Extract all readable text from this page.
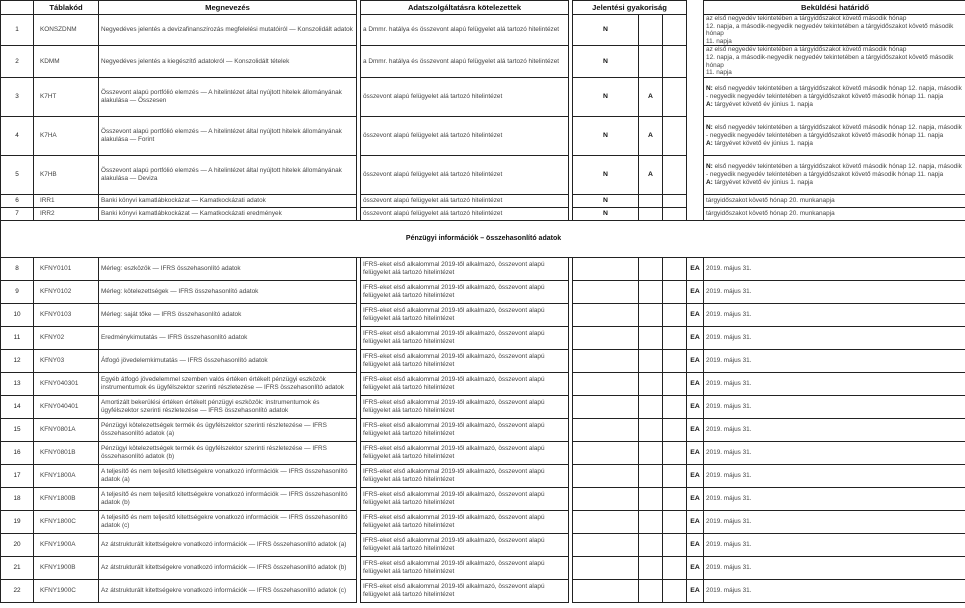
	Táblakód	Megnevezés		Adatszolgáltatásra kötelezettek		Jelentési gyakoriság				Beküldési határidő
1	KONSZDNM	Negyedéves jelentés a devizafinanszírozás megfelelési mutatóiról — Konszolidált adatok		a Dmmr. hatálya és összevont alapú felügyelet alá tartozó hitelintézet		N				az első negyedév tekintetében a tárgyidőszakot követő második hónap
12. napja, a második-negyedik negyedév tekintetében a tárgyidőszakot követő második hónap
11. napja

2	KDMM	Negyedéves jelentés a kiegészítő adatokról — Konszolidált tételek		a Dmmr. hatálya és összevont alapú felügyelet alá tartozó hitelintézet		N				az első negyedév tekintetében a tárgyidőszakot követő második hónap
12. napja, a második-negyedik negyedév tekintetében a tárgyidőszakot követő második hónap
11. napja

3	K7HT	Összevont alapú portfólió elemzés — A hitelintézet által nyújtott hitelek állományának alakulása — Összesen		összevont alapú felügyelet alá tartozó hitelintézet		N	A			N: első negyedév tekintetében a tárgyidőszakot követő második hónap 12. napja, második - negyedik negyedév tekintetében a tárgyidőszakot követő második hónap 11. napja
A: tárgyévet követő év június 1. napja

4	K7HA	Összevont alapú portfólió elemzés — A hitelintézet által nyújtott hitelek állományának alakulása — Forint		összevont alapú felügyelet alá tartozó hitelintézet		N	A			N: első negyedév tekintetében a tárgyidőszakot követő második hónap 12. napja, második - negyedik negyedév tekintetében a tárgyidőszakot követő második hónap 11. napja
A: tárgyévet követő év június 1. napja

5	K7HB	Összevont alapú portfólió elemzés — A hitelintézet által nyújtott hitelek állományának alakulása — Deviza		összevont alapú felügyelet alá tartozó hitelintézet		N	A			N: első negyedév tekintetében a tárgyidőszakot követő második hónap 12. napja, második - negyedik negyedév tekintetében a tárgyidőszakot követő második hónap 11. napja
A: tárgyévet követő év június 1. napja

6	IRR1	Banki könyvi kamatlábkockázat — Kamatkockázati adatok		összevont alapú felügyelet alá tartozó hitelintézet		N				tárgyidőszakot követő hónap 20. munkanapja

7	IRR2	Banki könyvi kamatlábkockázat — Kamatkockázati eredmények		összevont alapú felügyelet alá tartozó hitelintézet		N				tárgyidőszakot követő hónap 20. munkanapja

Pénzügyi információk – összehasonlító adatok										
8	KFNY0101	Mérleg: eszközök — IFRS összehasonlító adatok		IFRS-eket első alkalommal 2019-től alkalmazó, összevont alapú felügyelet alá tartozó hitelintézet					EA	2019. május 31.
9	KFNY0102	Mérleg: kötelezettségek — IFRS összehasonlító adatok		IFRS-eket első alkalommal 2019-től alkalmazó, összevont alapú felügyelet alá tartozó hitelintézet					EA	2019. május 31.
10	KFNY0103	Mérleg: saját tőke — IFRS összehasonlító adatok		IFRS-eket első alkalommal 2019-től alkalmazó, összevont alapú felügyelet alá tartozó hitelintézet					EA	2019. május 31.
11	KFNY02	Eredménykimutatás — IFRS összehasonlító adatok		IFRS-eket első alkalommal 2019-től alkalmazó, összevont alapú felügyelet alá tartozó hitelintézet					EA	2019. május 31.
12	KFNY03	Átfogó jövedelemkimutatás — IFRS összehasonlító adatok		IFRS-eket első alkalommal 2019-től alkalmazó, összevont alapú felügyelet alá tartozó hitelintézet					EA	2019. május 31.
13	KFNY040301	Egyéb átfogó jövedelemmel szemben valós értéken értékelt pénzügyi eszközök instrumentumok és ügyfélszektor szerinti részletezése — IFRS összehasonlító adatok		IFRS-eket első alkalommal 2019-től alkalmazó, összevont alapú felügyelet alá tartozó hitelintézet					EA	2019. május 31.
14	KFNY040401	Amortizált bekerülési értéken értékelt pénzügyi eszközök: instrumentumok és ügyfélszektor szerinti részletezése — IFRS összehasonlító adatok		IFRS-eket első alkalommal 2019-től alkalmazó, összevont alapú felügyelet alá tartozó hitelintézet					EA	2019. május 31.
15	KFNY0801A	Pénzügyi kötelezettségek termék és ügyfélszektor szerinti részletezése — IFRS összehasonlító adatok (a)		IFRS-eket első alkalommal 2019-től alkalmazó, összevont alapú felügyelet alá tartozó hitelintézet					EA	2019. május 31.
16	KFNY0801B	Pénzügyi kötelezettségek termék és ügyfélszektor szerinti részletezése — IFRS összehasonlító adatok (b)		IFRS-eket első alkalommal 2019-től alkalmazó, összevont alapú felügyelet alá tartozó hitelintézet					EA	2019. május 31.
17	KFNY1800A	A teljesítő és nem teljesítő kitettségekre vonatkozó információk — IFRS összehasonlító adatok (a)		IFRS-eket első alkalommal 2019-től alkalmazó, összevont alapú felügyelet alá tartozó hitelintézet					EA	2019. május 31.
18	KFNY1800B	A teljesítő és nem teljesítő kitettségekre vonatkozó információk — IFRS összehasonlító adatok (b)		IFRS-eket első alkalommal 2019-től alkalmazó, összevont alapú felügyelet alá tartozó hitelintézet					EA	2019. május 31.
19	KFNY1800C	A teljesítő és nem teljesítő kitettségekre vonatkozó információk — IFRS összehasonlító adatok (c)		IFRS-eket első alkalommal 2019-től alkalmazó, összevont alapú felügyelet alá tartozó hitelintézet					EA	2019. május 31.
20	KFNY1900A	Az átstrukturált kitettségekre vonatkozó információk — IFRS összehasonlító adatok (a)		IFRS-eket első alkalommal 2019-től alkalmazó, összevont alapú felügyelet alá tartozó hitelintézet					EA	2019. május 31.
21	KFNY1900B	Az átstrukturált kitettségekre vonatkozó információk — IFRS összehasonlító adatok (b)		IFRS-eket első alkalommal 2019-től alkalmazó, összevont alapú felügyelet alá tartozó hitelintézet					EA	2019. május 31.
22	KFNY1900C	Az átstrukturált kitettségekre vonatkozó információk — IFRS összehasonlító adatok (c)		IFRS-eket első alkalommal 2019-től alkalmazó, összevont alapú felügyelet alá tartozó hitelintézet					EA	2019. május 31.
